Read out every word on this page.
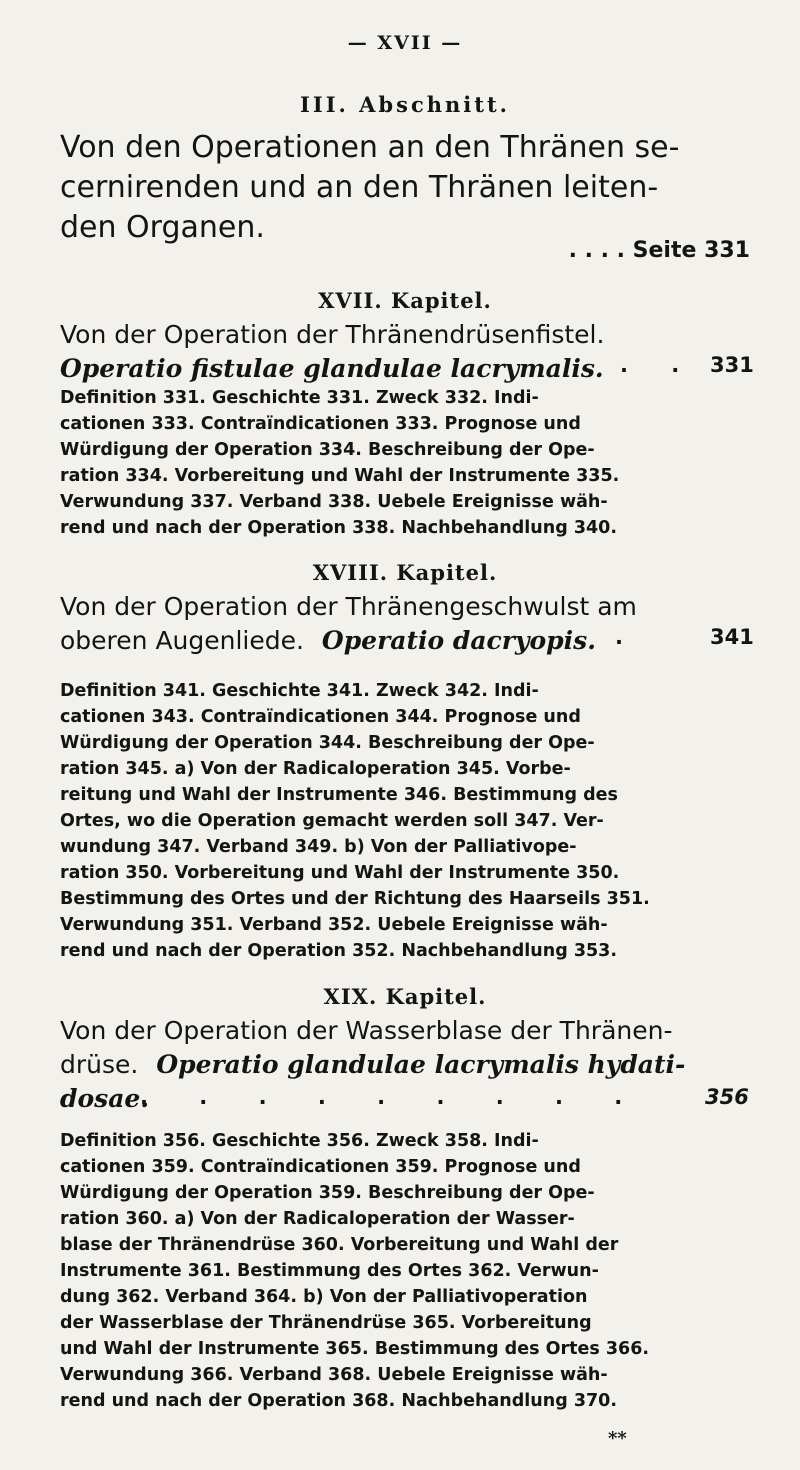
— XVII —
III. Abschnitt.
Von den Operationen an den Thränen se-
cernirenden und an den Thränen leiten-
den Organen.
. . . . Seite 331
XVII. Kapitel.
Von der Operation der Thränendrüsenfistel.
Operatio fistulae glandulae lacrymalis. . . 331
Definition 331. Geschichte 331. Zweck 332. Indi-
cationen 333. Contraïndicationen 333. Prognose und
Würdigung der Operation 334. Beschreibung der Ope-
ration 334. Vorbereitung und Wahl der Instrumente 335.
Verwundung 337. Verband 338. Uebele Ereignisse wäh-
rend und nach der Operation 338. Nachbehandlung 340.
XVIII. Kapitel.
Von der Operation der Thränengeschwulst am
oberen Augenliede. Operatio dacryopis. .	341
Definition 341. Geschichte 341. Zweck 342. Indi-
cationen 343. Contraïndicationen 344. Prognose und
Würdigung der Operation 344. Beschreibung der Ope-
ration 345. a) Von der Radicaloperation 345. Vorbe-
reitung und Wahl der Instrumente 346. Bestimmung des
Ortes, wo die Operation gemacht werden soll 347. Ver-
wundung 347. Verband 349. b) Von der Palliativope-
ration 350. Vorbereitung und Wahl der Instrumente 350.
Bestimmung des Ortes und der Richtung des Haarseils 351.
Verwundung 351. Verband 352. Uebele Ereignisse wäh-
rend und nach der Operation 352. Nachbehandlung 353.
XIX. Kapitel.
Von der Operation der Wasserblase der Thränen-
drüse. Operatio glandulae lacrymalis hydati-
dosae.
. . . . . . . . .	356
Definition 356. Geschichte 356. Zweck 358. Indi-
cationen 359. Contraïndicationen 359. Prognose und
Würdigung der Operation 359. Beschreibung der Ope-
ration 360. a) Von der Radicaloperation der Wasser-
blase der Thränendrüse 360. Vorbereitung und Wahl der
Instrumente 361. Bestimmung des Ortes 362. Verwun-
dung 362. Verband 364. b) Von der Palliativoperation
der Wasserblase der Thränendrüse 365. Vorbereitung
und Wahl der Instrumente 365. Bestimmung des Ortes 366.
Verwundung 366. Verband 368. Uebele Ereignisse wäh-
rend und nach der Operation 368. Nachbehandlung 370.
**
